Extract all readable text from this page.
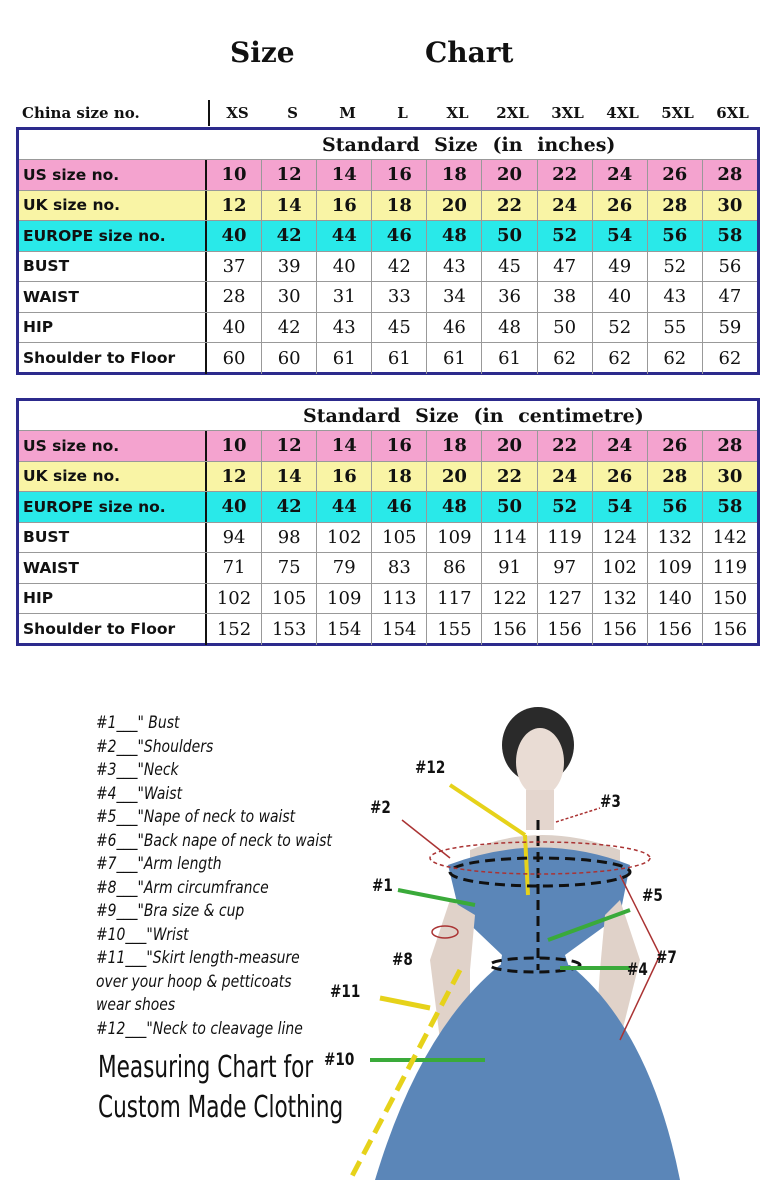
Size	Chart
China size no.	XS	S	M	L	XL	2XL	3XL	4XL	5XL	6XL
Standard Size (in inches)
US size no.	10	12	14	16	18	20	22	24	26	28
UK size no.	12	14	16	18	20	22	24	26	28	30
EUROPE size no.	40	42	44	46	48	50	52	54	56	58
BUST	37	39	40	42	43	45	47	49	52	56
WAIST	28	30	31	33	34	36	38	40	43	47
HIP	40	42	43	45	46	48	50	52	55	59
Shoulder to Floor	60	60	61	61	61	61	62	62	62	62
Standard Size (in centimetre)
US size no.	10	12	14	16	18	20	22	24	26	28
UK size no.	12	14	16	18	20	22	24	26	28	30
EUROPE size no.	40	42	44	46	48	50	52	54	56	58
BUST	94	98	102	105	109	114	119	124	132	142
WAIST	71	75	79	83	86	91	97	102	109	119
HIP	102	105	109	113	117	122	127	132	140	150
Shoulder to Floor	152	153	154	154	155	156	156	156	156	156
#1___" Bust
#2___"Shoulders
#3___"Neck
#4___"Waist
#5___"Nape of neck to waist
#6___"Back nape of neck to waist
#7___"Arm length
#8___"Arm circumfrance
#9___"Bra size & cup
#10___"Wrist
#11___"Skirt length-measure
over your hoop & petticoats
wear shoes
#12___"Neck to cleavage line
Measuring Chart for
Custom Made Clothing
#12
#2	#3
#1	#5
#8	#4
#7
#11
#10
